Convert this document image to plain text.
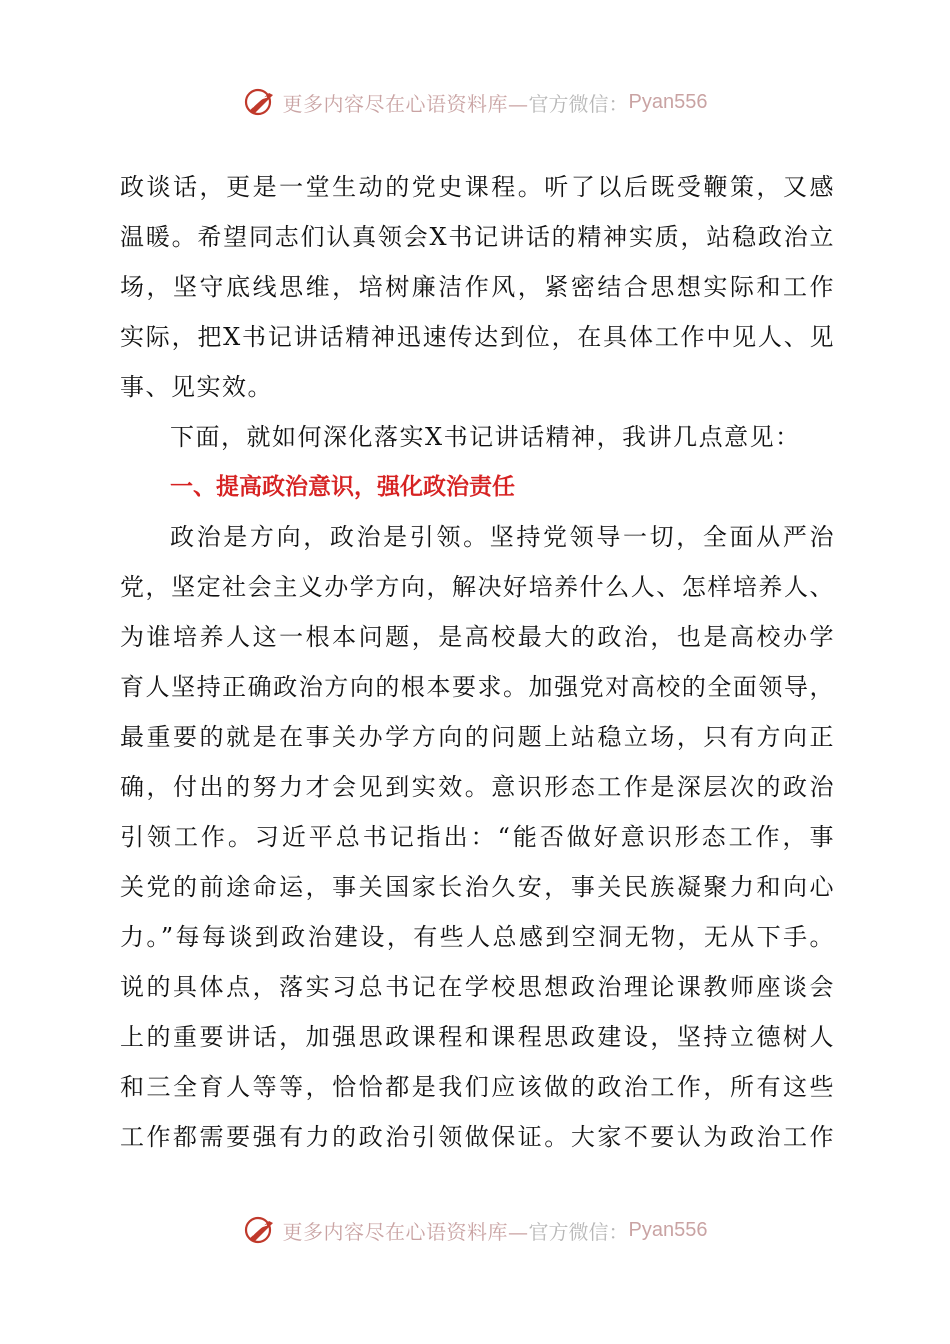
更多内容尽在心语资料库— 官方微信： Pyan556
政谈话，更是一堂生动的党史课程。听了以后既受鞭策，又感
温暖。希望同志们认真领会X书记讲话的精神实质，站稳政治立
场，坚守底线思维，培树廉洁作风，紧密结合思想实际和工作
实际，把X书记讲话精神迅速传达到位，在具体工作中见人、见
事、见实效。
下面，就如何深化落实X书记讲话精神，我讲几点意见：
一、提高政治意识，强化政治责任
政治是方向，政治是引领。坚持党领导一切，全面从严治
党，坚定社会主义办学方向，解决好培养什么人、怎样培养人、
为谁培养人这一根本问题，是高校最大的政治，也是高校办学
育人坚持正确政治方向的根本要求。加强党对高校的全面领导，
最重要的就是在事关办学方向的问题上站稳立场，只有方向正
确，付出的努力才会见到实效。意识形态工作是深层次的政治
引领工作。习近平总书记指出：“能否做好意识形态工作，事
关党的前途命运，事关国家长治久安，事关民族凝聚力和向心
力。”每每谈到政治建设，有些人总感到空洞无物，无从下手。
说的具体点，落实习总书记在学校思想政治理论课教师座谈会
上的重要讲话，加强思政课程和课程思政建设，坚持立德树人
和三全育人等等，恰恰都是我们应该做的政治工作，所有这些
工作都需要强有力的政治引领做保证。大家不要认为政治工作
更多内容尽在心语资料库— 官方微信： Pyan556
